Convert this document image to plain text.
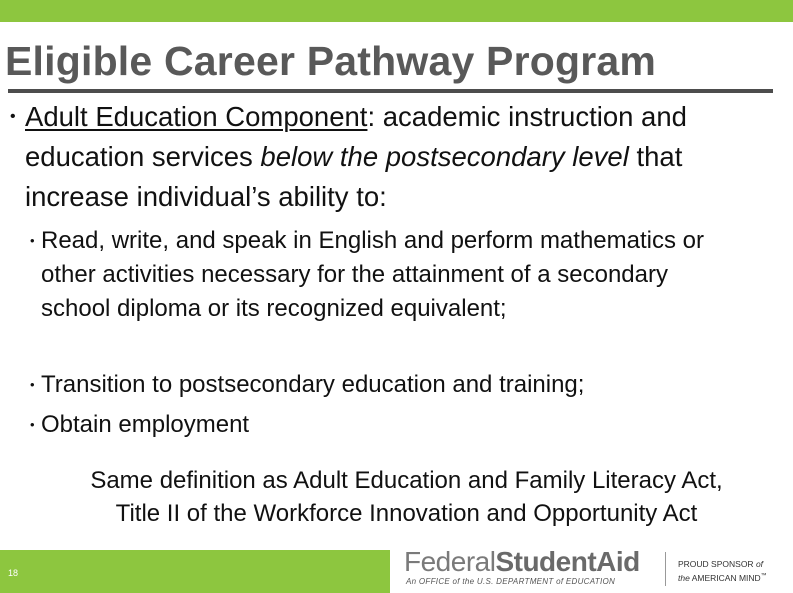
Eligible Career Pathway Program
• Adult Education Component: academic instruction and education services below the postsecondary level that increase individual’s ability to:
• Read, write, and speak in English and perform mathematics or other activities necessary for the attainment of a secondary school diploma or its recognized equivalent;
• Transition to postsecondary education and training;
• Obtain employment
Same definition as Adult Education and Family Literacy Act,
Title II of the Workforce Innovation and Opportunity Act
18	FederalStudentAid
An OFFICE of the U.S. DEPARTMENT of EDUCATION
PROUD SPONSOR of
the AMERICAN MIND™
